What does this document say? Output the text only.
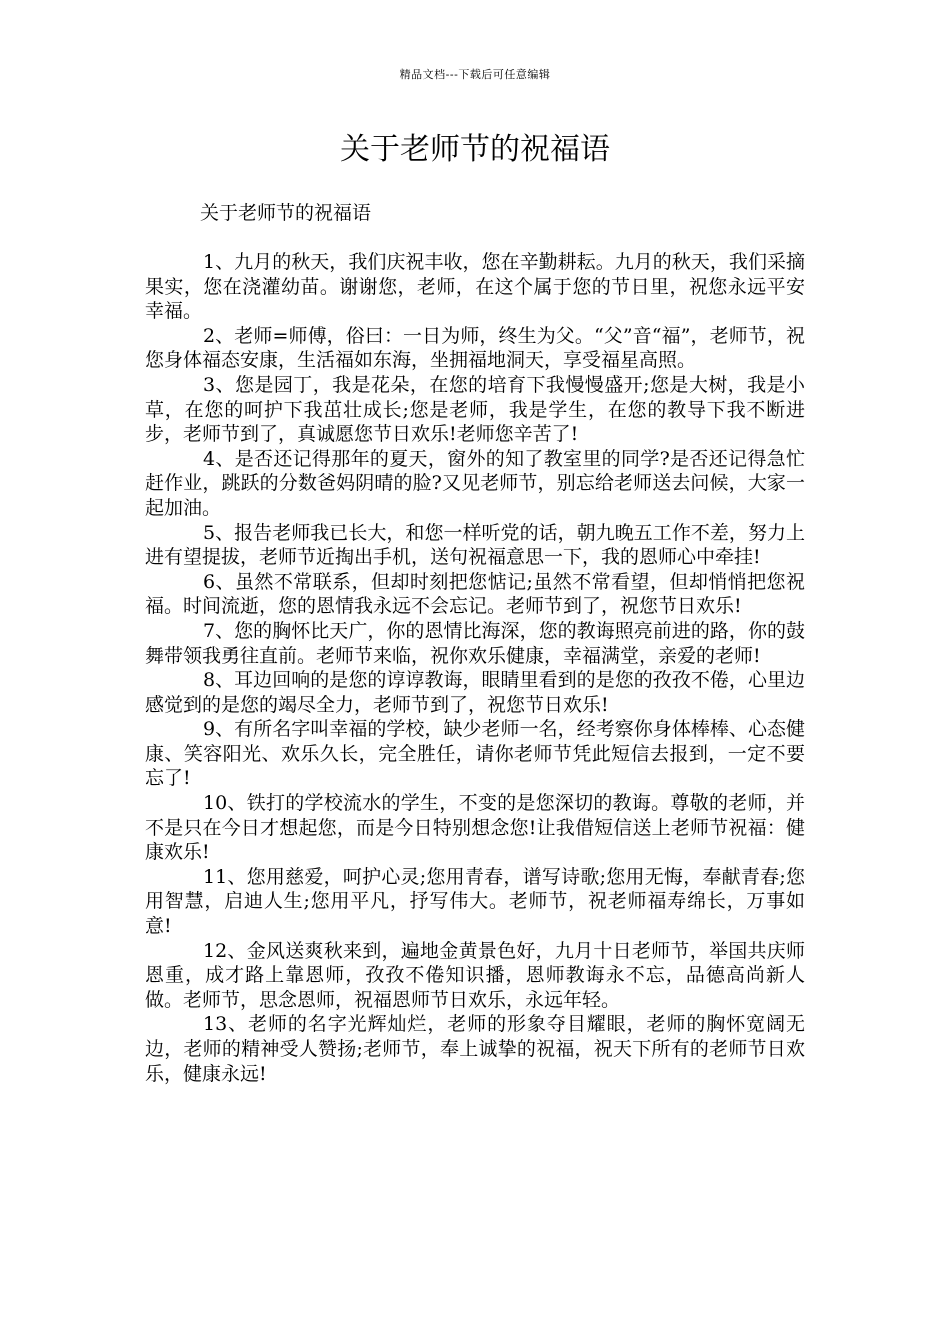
精品文档---下载后可任意编辑
关于老师节的祝福语
关于老师节的祝福语

1、九月的秋天，我们庆祝丰收，您在辛勤耕耘。九月的秋天，我们采摘果实，您在浇灌幼苗。谢谢您，老师，在这个属于您的节日里，祝您永远平安幸福。

2、老师=师傅，俗曰：一日为师，终生为父。“父”音“福”，老师节，祝您身体福态安康，生活福如东海，坐拥福地洞天，享受福星高照。

3、您是园丁，我是花朵，在您的培育下我慢慢盛开;您是大树，我是小草，在您的呵护下我茁壮成长;您是老师，我是学生，在您的教导下我不断进步，老师节到了，真诚愿您节日欢乐!老师您辛苦了!

4、是否还记得那年的夏天，窗外的知了教室里的同学?是否还记得急忙赶作业，跳跃的分数爸妈阴晴的脸?又见老师节，别忘给老师送去问候，大家一起加油。

5、报告老师我已长大，和您一样听党的话，朝九晚五工作不差，努力上进有望提拔，老师节近掏出手机，送句祝福意思一下，我的恩师心中牵挂!

6、虽然不常联系，但却时刻把您惦记;虽然不常看望，但却悄悄把您祝福。时间流逝，您的恩情我永远不会忘记。老师节到了，祝您节日欢乐!

7、您的胸怀比天广，你的恩情比海深，您的教诲照亮前进的路，你的鼓舞带领我勇往直前。老师节来临，祝你欢乐健康，幸福满堂，亲爱的老师!

8、耳边回响的是您的谆谆教诲，眼睛里看到的是您的孜孜不倦，心里边感觉到的是您的竭尽全力，老师节到了，祝您节日欢乐!

9、有所名字叫幸福的学校，缺少老师一名，经考察你身体棒棒、心态健康、笑容阳光、欢乐久长，完全胜任，请你老师节凭此短信去报到，一定不要忘了!

10、铁打的学校流水的学生，不变的是您深切的教诲。尊敬的老师，并不是只在今日才想起您，而是今日特别想念您!让我借短信送上老师节祝福：健康欢乐!

11、您用慈爱，呵护心灵;您用青春，谱写诗歌;您用无悔，奉献青春;您用智慧，启迪人生;您用平凡，抒写伟大。老师节，祝老师福寿绵长，万事如意!

12、金风送爽秋来到，遍地金黄景色好，九月十日老师节，举国共庆师恩重，成才路上靠恩师，孜孜不倦知识播，恩师教诲永不忘，品德高尚新人做。老师节，思念恩师，祝福恩师节日欢乐，永远年轻。

13、老师的名字光辉灿烂，老师的形象夺目耀眼，老师的胸怀宽阔无边，老师的精神受人赞扬;老师节，奉上诚挚的祝福，祝天下所有的老师节日欢乐，健康永远!
